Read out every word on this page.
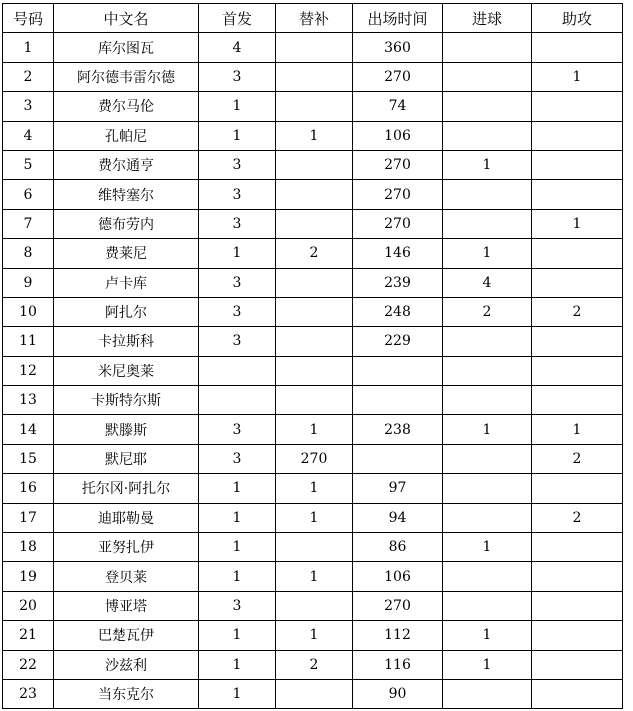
号码	中文名	首发	替补	出场时间	进球	助攻
1	库尔图瓦	4		360		
2	阿尔德韦雷尔德	3		270		1
3	费尔马伦	1		74		
4	孔帕尼	1	1	106		
5	费尔通亨	3		270	1	
6	维特塞尔	3		270		
7	德布劳内	3		270		1
8	费莱尼	1	2	146	1	
9	卢卡库	3		239	4	
10	阿扎尔	3		248	2	2
11	卡拉斯科	3		229		
12	米尼奥莱					
13	卡斯特尔斯					
14	默滕斯	3	1	238	1	1
15	默尼耶	3	270			2
16	托尔冈·阿扎尔	1	1	97		
17	迪耶勒曼	1	1	94		2
18	亚努扎伊	1		86	1	
19	登贝莱	1	1	106		
20	博亚塔	3		270		
21	巴楚瓦伊	1	1	112	1	
22	沙兹利	1	2	116	1	
23	当东克尔	1		90		
